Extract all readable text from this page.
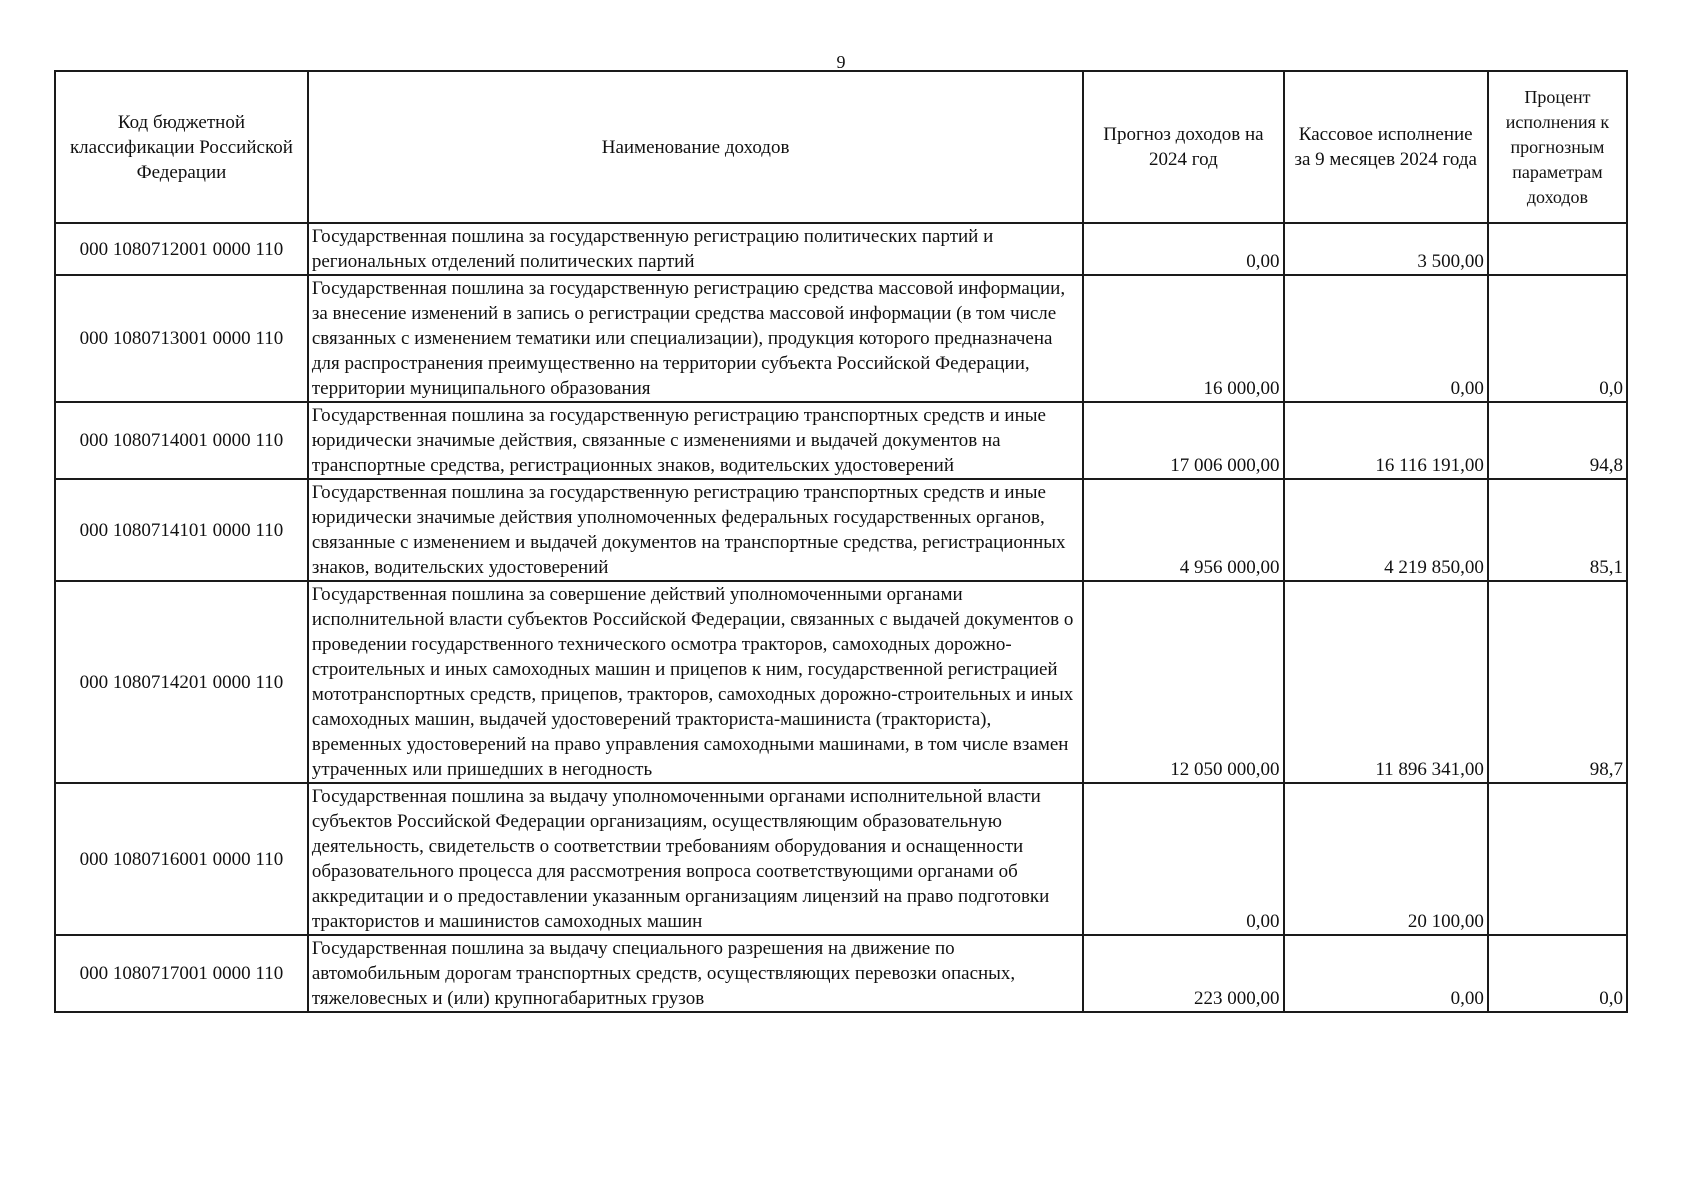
9
Код бюджетной классификации Российской Федерации	Наименование доходов	Прогноз доходов на 2024 год	Кассовое исполнение за 9 месяцев 2024 года	Процент исполнения к прогнозным параметрам доходов
000 1080712001 0000 110	Государственная пошлина за государственную регистрацию политических партий и региональных отделений политических партий	0,00	3 500,00	
000 1080713001 0000 110	Государственная пошлина за государственную регистрацию средства массовой информации, за внесение изменений в запись о регистрации средства массовой информации (в том числе связанных с изменением тематики или специализации), продукция которого предназначена для распространения преимущественно на территории субъекта Российской Федерации, территории муниципального образования	16 000,00	0,00	0,0
000 1080714001 0000 110	Государственная пошлина за государственную регистрацию транспортных средств и иные юридически значимые действия, связанные с изменениями и выдачей документов на транспортные средства, регистрационных знаков, водительских удостоверений	17 006 000,00	16 116 191,00	94,8
000 1080714101 0000 110	Государственная пошлина за государственную регистрацию транспортных средств и иные юридически значимые действия уполномоченных федеральных государственных органов, связанные с изменением и выдачей документов на транспортные средства, регистрационных знаков, водительских удостоверений	4 956 000,00	4 219 850,00	85,1
000 1080714201 0000 110	Государственная пошлина за совершение действий уполномоченными органами исполнительной власти субъектов Российской Федерации, связанных с выдачей документов о проведении государственного технического осмотра тракторов, самоходных дорожно-строительных и иных самоходных машин и прицепов к ним, государственной регистрацией мототранспортных средств, прицепов, тракторов, самоходных дорожно-строительных и иных самоходных машин, выдачей удостоверений тракториста-машиниста (тракториста), временных удостоверений на право управления самоходными машинами, в том числе взамен утраченных или пришедших в негодность	12 050 000,00	11 896 341,00	98,7
000 1080716001 0000 110	Государственная пошлина за выдачу уполномоченными органами исполнительной власти субъектов Российской Федерации организациям, осуществляющим образовательную деятельность, свидетельств о соответствии требованиям оборудования и оснащенности образовательного процесса для рассмотрения вопроса соответствующими органами об аккредитации и о предоставлении указанным организациям лицензий на право подготовки трактористов и машинистов самоходных машин	0,00	20 100,00	
000 1080717001 0000 110	Государственная пошлина за выдачу специального разрешения на движение по автомобильным дорогам транспортных средств, осуществляющих перевозки опасных, тяжеловесных и (или) крупногабаритных грузов	223 000,00	0,00	0,0
